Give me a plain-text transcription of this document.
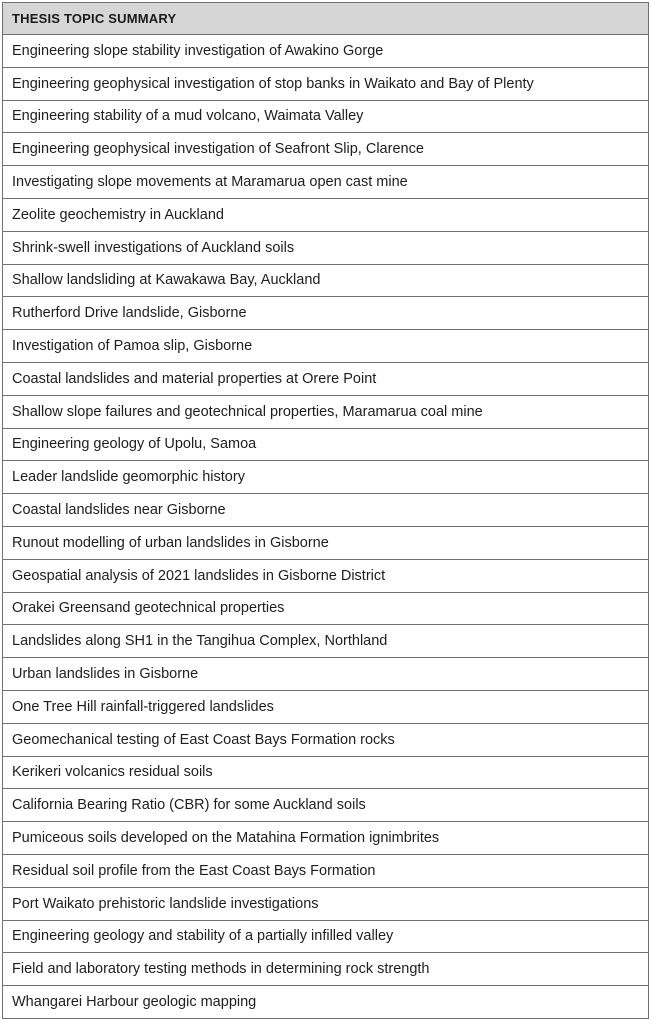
THESIS TOPIC SUMMARY
Engineering slope stability investigation of Awakino Gorge
Engineering geophysical investigation of stop banks in Waikato and Bay of Plenty
Engineering stability of a mud volcano, Waimata Valley
Engineering geophysical investigation of Seafront Slip, Clarence
Investigating slope movements at Maramarua open cast mine
Zeolite geochemistry in Auckland
Shrink-swell investigations of Auckland soils
Shallow landsliding at Kawakawa Bay, Auckland
Rutherford Drive landslide, Gisborne
Investigation of Pamoa slip, Gisborne
Coastal landslides and material properties at Orere Point
Shallow slope failures and geotechnical properties, Maramarua coal mine
Engineering geology of Upolu, Samoa
Leader landslide geomorphic history
Coastal landslides near Gisborne
Runout modelling of urban landslides in Gisborne
Geospatial analysis of 2021 landslides in Gisborne District
Orakei Greensand geotechnical properties
Landslides along SH1 in the Tangihua Complex, Northland
Urban landslides in Gisborne
One Tree Hill rainfall-triggered landslides
Geomechanical testing of East Coast Bays Formation rocks
Kerikeri volcanics residual soils
California Bearing Ratio (CBR) for some Auckland soils
Pumiceous soils developed on the Matahina Formation ignimbrites
Residual soil profile from the East Coast Bays Formation
Port Waikato prehistoric landslide investigations
Engineering geology and stability of a partially infilled valley
Field and laboratory testing methods in determining rock strength
Whangarei Harbour geologic mapping
